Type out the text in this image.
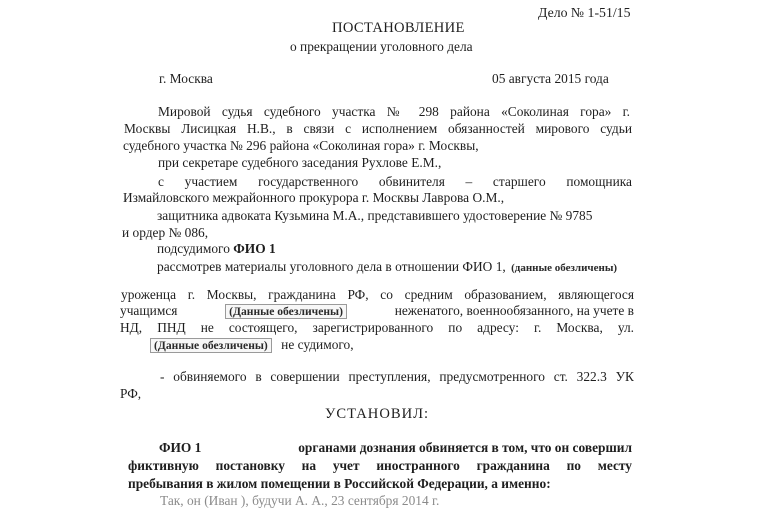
Дело № 1-51/15
ПОСТАНОВЛЕНИЕ
о прекращении уголовного дела
г. Москва	05 августа 2015 года
Мировой судья судебного участка № 298 района «Соколиная гора» г.
Москвы Лисицкая Н.В., в связи с исполнением обязанностей мирового судьи
судебного участка № 296 района «Соколиная гора» г. Москвы,
при секретаре судебного заседания Рухлове Е.М.,
с участием государственного обвинителя – старшего помощника
Измайловского межрайонного прокурора г. Москвы Лаврова О.М.,
защитника адвоката Кузьмина М.А., представившего удостоверение № 9785
и ордер № 086,
подсудимого ФИО 1
рассмотрев материалы уголовного дела в отношении ФИО 1, (данные обезличены)
уроженца г. Москвы, гражданина РФ, со средним образованием, являющегося
учащимся	(Данные обезличены)	неженатого, военнообязанного, на учете в
НД, ПНД не состоящего, зарегистрированного по адресу: г. Москва, ул.
(Данные обезличены) не судимого,
- обвиняемого в совершении преступления, предусмотренного ст. 322.3 УК
РФ,
УСТАНОВИЛ:
ФИО 1	органами дознания обвиняется в том, что он совершил
фиктивную постановку на учет иностранного гражданина по месту
пребывания в жилом помещении в Российской Федерации, а именно:
Так, он (Иван ), будучи А. А., 23 сентября 2014 г.
